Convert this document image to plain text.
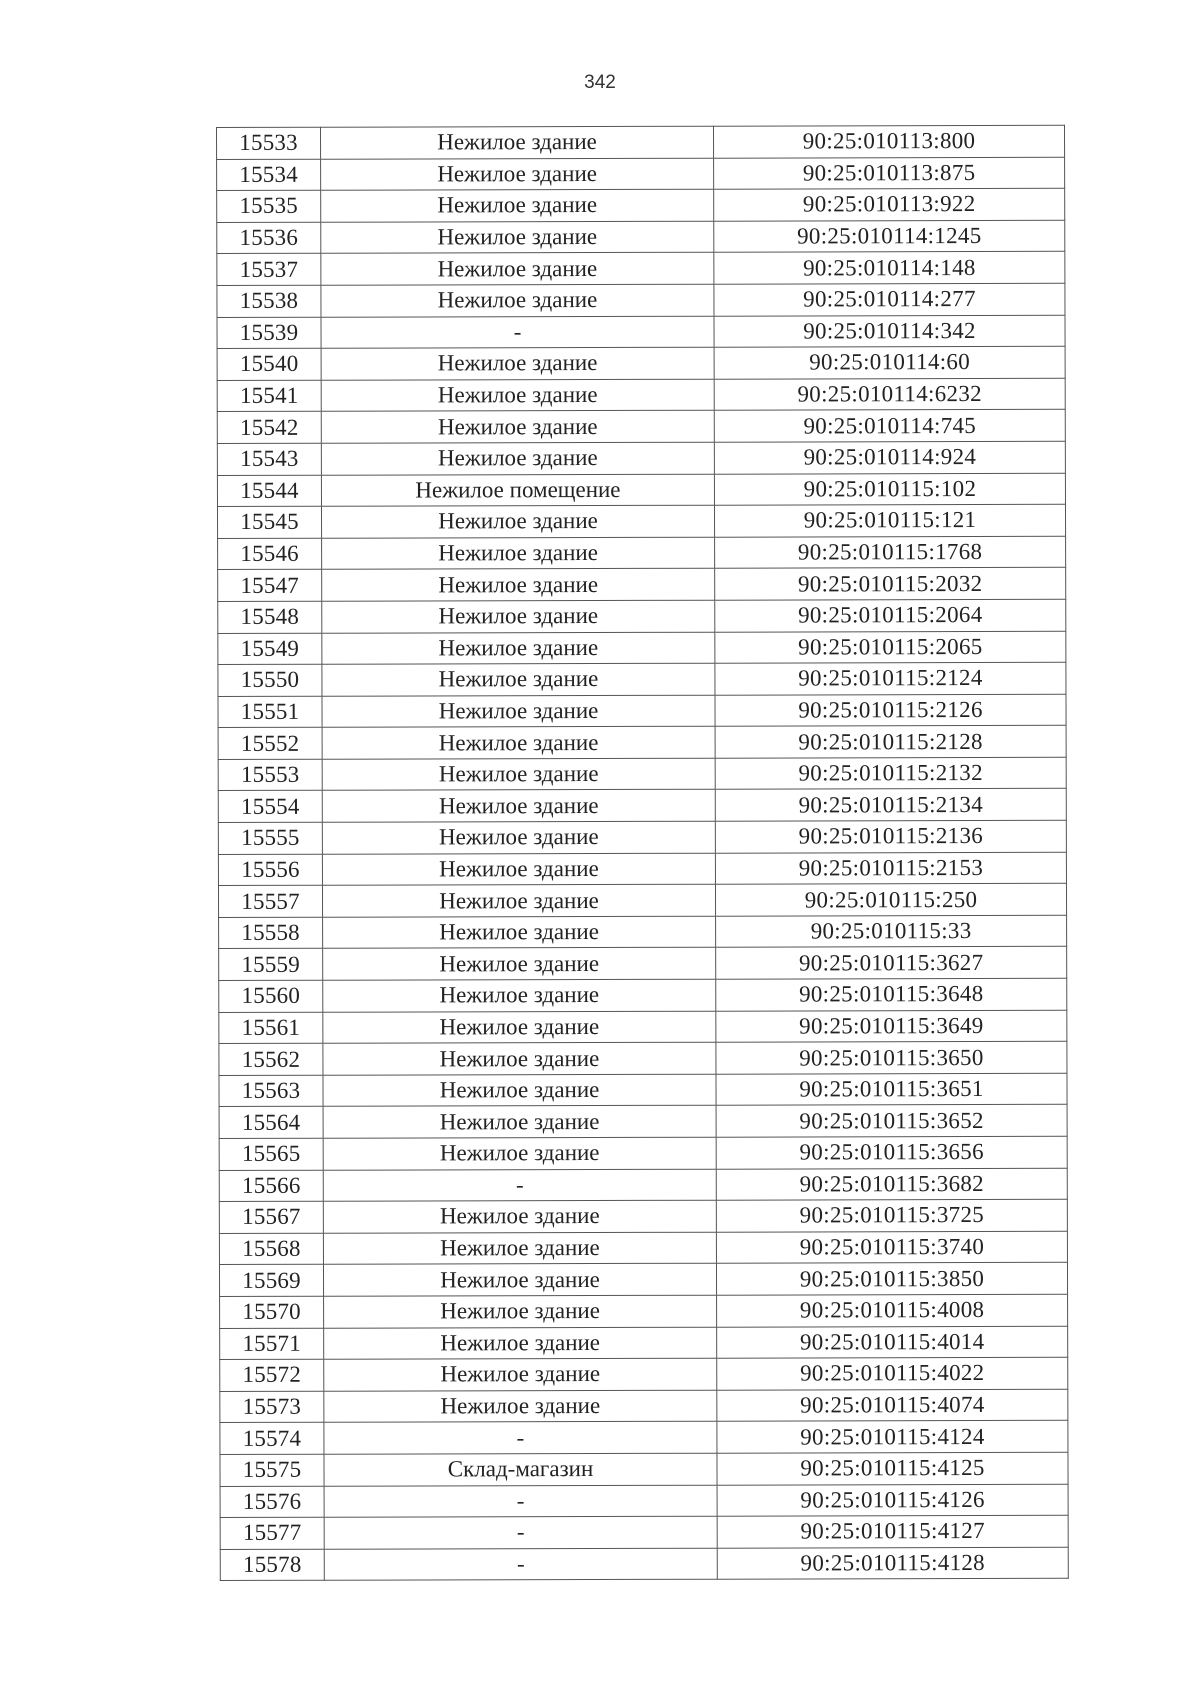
342
15533	Нежилое здание	90:25:010113:800
15534	Нежилое здание	90:25:010113:875
15535	Нежилое здание	90:25:010113:922
15536	Нежилое здание	90:25:010114:1245
15537	Нежилое здание	90:25:010114:148
15538	Нежилое здание	90:25:010114:277
15539	-	90:25:010114:342
15540	Нежилое здание	90:25:010114:60
15541	Нежилое здание	90:25:010114:6232
15542	Нежилое здание	90:25:010114:745
15543	Нежилое здание	90:25:010114:924
15544	Нежилое помещение	90:25:010115:102
15545	Нежилое здание	90:25:010115:121
15546	Нежилое здание	90:25:010115:1768
15547	Нежилое здание	90:25:010115:2032
15548	Нежилое здание	90:25:010115:2064
15549	Нежилое здание	90:25:010115:2065
15550	Нежилое здание	90:25:010115:2124
15551	Нежилое здание	90:25:010115:2126
15552	Нежилое здание	90:25:010115:2128
15553	Нежилое здание	90:25:010115:2132
15554	Нежилое здание	90:25:010115:2134
15555	Нежилое здание	90:25:010115:2136
15556	Нежилое здание	90:25:010115:2153
15557	Нежилое здание	90:25:010115:250
15558	Нежилое здание	90:25:010115:33
15559	Нежилое здание	90:25:010115:3627
15560	Нежилое здание	90:25:010115:3648
15561	Нежилое здание	90:25:010115:3649
15562	Нежилое здание	90:25:010115:3650
15563	Нежилое здание	90:25:010115:3651
15564	Нежилое здание	90:25:010115:3652
15565	Нежилое здание	90:25:010115:3656
15566	-	90:25:010115:3682
15567	Нежилое здание	90:25:010115:3725
15568	Нежилое здание	90:25:010115:3740
15569	Нежилое здание	90:25:010115:3850
15570	Нежилое здание	90:25:010115:4008
15571	Нежилое здание	90:25:010115:4014
15572	Нежилое здание	90:25:010115:4022
15573	Нежилое здание	90:25:010115:4074
15574	-	90:25:010115:4124
15575	Склад-магазин	90:25:010115:4125
15576	-	90:25:010115:4126
15577	-	90:25:010115:4127
15578	-	90:25:010115:4128
